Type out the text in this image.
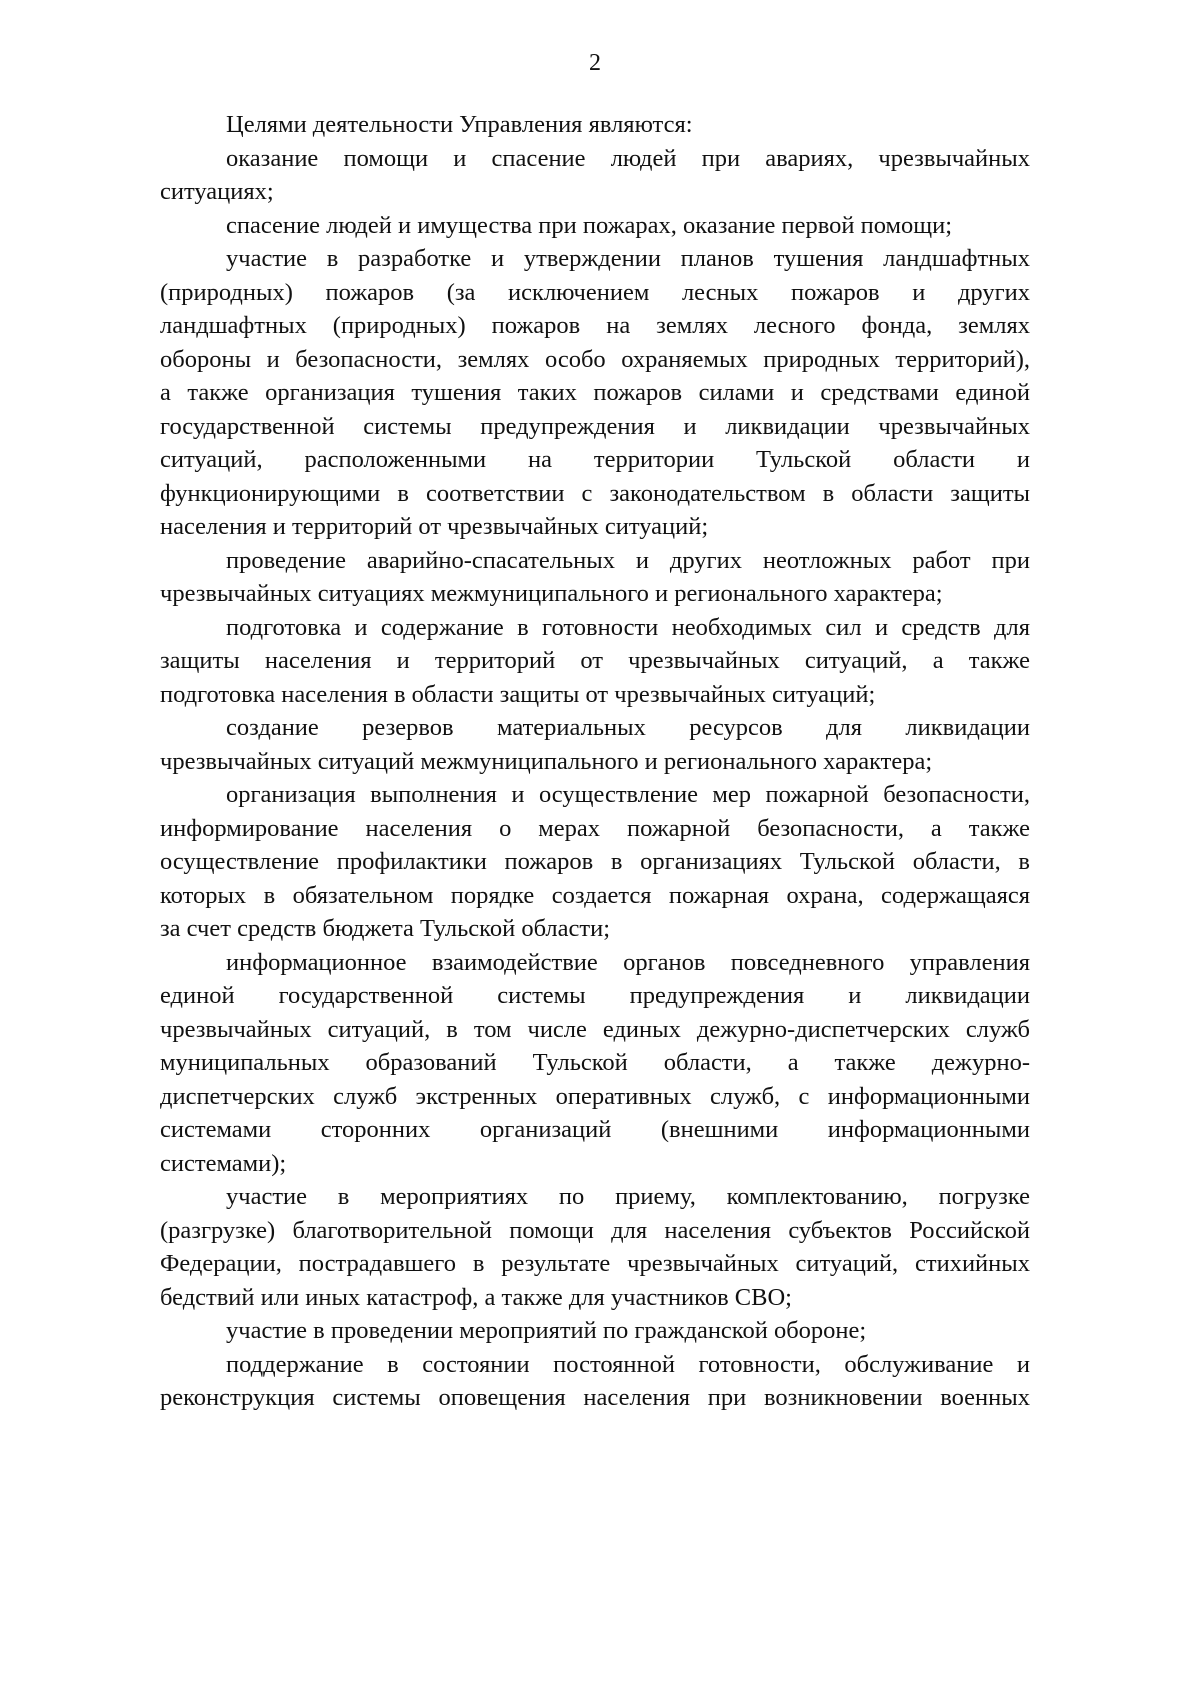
2
Целями деятельности Управления являются:
оказание помощи и спасение людей при авариях, чрезвычайных
ситуациях;
спасение людей и имущества при пожарах, оказание первой помощи;
участие в разработке и утверждении планов тушения ландшафтных
(природных) пожаров (за исключением лесных пожаров и других
ландшафтных (природных) пожаров на землях лесного фонда, землях
обороны и безопасности, землях особо охраняемых природных территорий),
а также организация тушения таких пожаров силами и средствами единой
государственной системы предупреждения и ликвидации чрезвычайных
ситуаций, расположенными на территории Тульской области и
функционирующими в соответствии с законодательством в области защиты
населения и территорий от чрезвычайных ситуаций;
проведение аварийно-спасательных и других неотложных работ при
чрезвычайных ситуациях межмуниципального и регионального характера;
подготовка и содержание в готовности необходимых сил и средств для
защиты населения и территорий от чрезвычайных ситуаций, а также
подготовка населения в области защиты от чрезвычайных ситуаций;
создание резервов материальных ресурсов для ликвидации
чрезвычайных ситуаций межмуниципального и регионального характера;
организация выполнения и осуществление мер пожарной безопасности,
информирование населения о мерах пожарной безопасности, а также
осуществление профилактики пожаров в организациях Тульской области, в
которых в обязательном порядке создается пожарная охрана, содержащаяся
за счет средств бюджета Тульской области;
информационное взаимодействие органов повседневного управления
единой государственной системы предупреждения и ликвидации
чрезвычайных ситуаций, в том числе единых дежурно-диспетчерских служб
муниципальных образований Тульской области, а также дежурно-
диспетчерских служб экстренных оперативных служб, с информационными
системами сторонних организаций (внешними информационными
системами);
участие в мероприятиях по приему, комплектованию, погрузке
(разгрузке) благотворительной помощи для населения субъектов Российской
Федерации, пострадавшего в результате чрезвычайных ситуаций, стихийных
бедствий или иных катастроф, а также для участников СВО;
участие в проведении мероприятий по гражданской обороне;
поддержание в состоянии постоянной готовности, обслуживание и
реконструкция системы оповещения населения при возникновении военных
